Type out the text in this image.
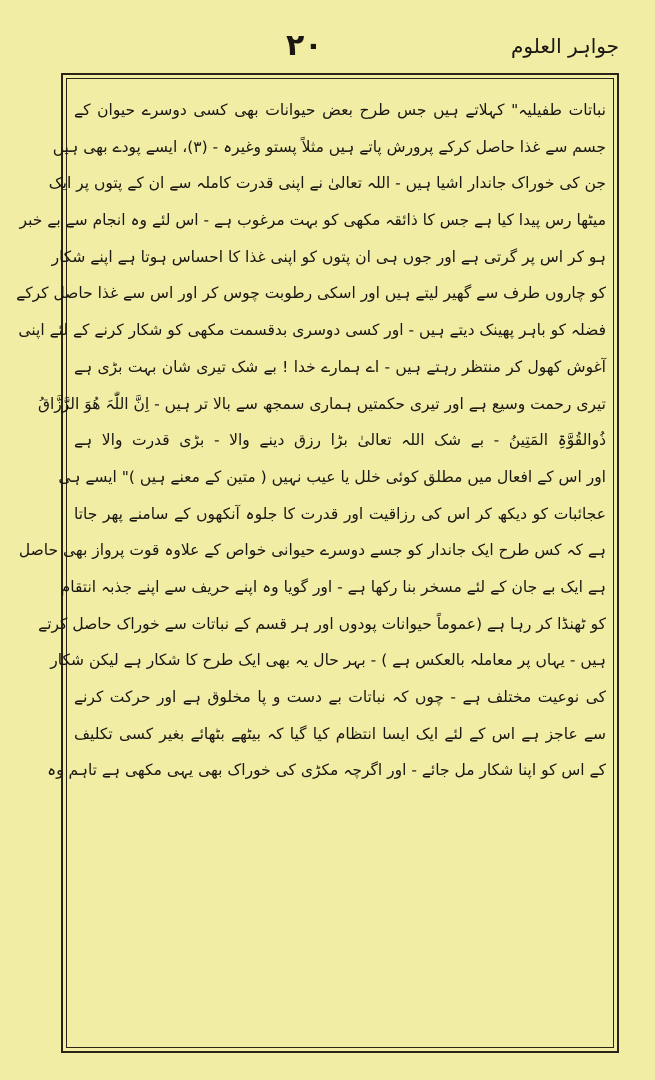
جواہر العلوم
۲۰
نباتات طفیلیہ" کہلاتے ہیں جس طرح بعض حیوانات بھی کسی دوسرے حیوان کے
جسم سے غذا حاصل کرکے پرورش پاتے ہیں مثلاً پستو وغیرہ - (۳)، ایسے پودے بھی ہیں
جن کی خوراک جاندار اشیا ہیں - اللہ تعالیٰ نے اپنی قدرت کاملہ سے ان کے پتوں پر ایک
میٹھا رس پیدا کیا ہے جس کا ذائقہ مکھی کو بہت مرغوب ہے - اس لئے وہ انجام سے بے خبر
ہو کر اس پر گرتی ہے اور جوں ہی ان پتوں کو اپنی غذا کا احساس ہوتا ہے اپنے شکار
کو چاروں طرف سے گھیر لیتے ہیں اور اسکی رطوبت چوس کر اور اس سے غذا حاصل کرکے
فضلہ کو باہر پھینک دیتے ہیں - اور کسی دوسری بدقسمت مکھی کو شکار کرنے کے لئے اپنی
آغوش کھول کر منتظر رہتے ہیں - اے ہمارے خدا ! بے شک تیری شان بہت بڑی ہے
تیری رحمت وسیع ہے اور تیری حکمتیں ہماری سمجھ سے بالا تر ہیں - اِنَّ اللّٰہَ ھُوَ الرَّزَّاقُ
ذُوالقُوَّۃِ المَتِینُ - بے شک اللہ تعالیٰ بڑا رزق دینے والا - بڑی قدرت والا ہے
اور اس کے افعال میں مطلق کوئی خلل یا عیب نہیں ( متین کے معنے ہیں )" ایسے ہی
عجائبات کو دیکھ کر اس کی رزاقیت اور قدرت کا جلوہ آنکھوں کے سامنے پھر جاتا
ہے کہ کس طرح ایک جاندار کو جسے دوسرے حیوانی خواص کے علاوہ قوت پرواز بھی حاصل
ہے ایک بے جان کے لئے مسخر بنا رکھا ہے - اور گویا وہ اپنے حریف سے اپنے جذبہ انتقام
کو ٹھنڈا کر رہا ہے (عموماً حیوانات پودوں اور ہر قسم کے نباتات سے خوراک حاصل کرتے
ہیں - یہاں پر معاملہ بالعکس ہے ) - بہر حال یہ بھی ایک طرح کا شکار ہے لیکن شکار
کی نوعیت مختلف ہے - چوں کہ نباتات بے دست و پا مخلوق ہے اور حرکت کرنے
سے عاجز ہے اس کے لئے ایک ایسا انتظام کیا گیا کہ بیٹھے بٹھائے بغیر کسی تکلیف
کے اس کو اپنا شکار مل جائے - اور اگرچہ مکڑی کی خوراک بھی یہی مکھی ہے تاہم وہ
